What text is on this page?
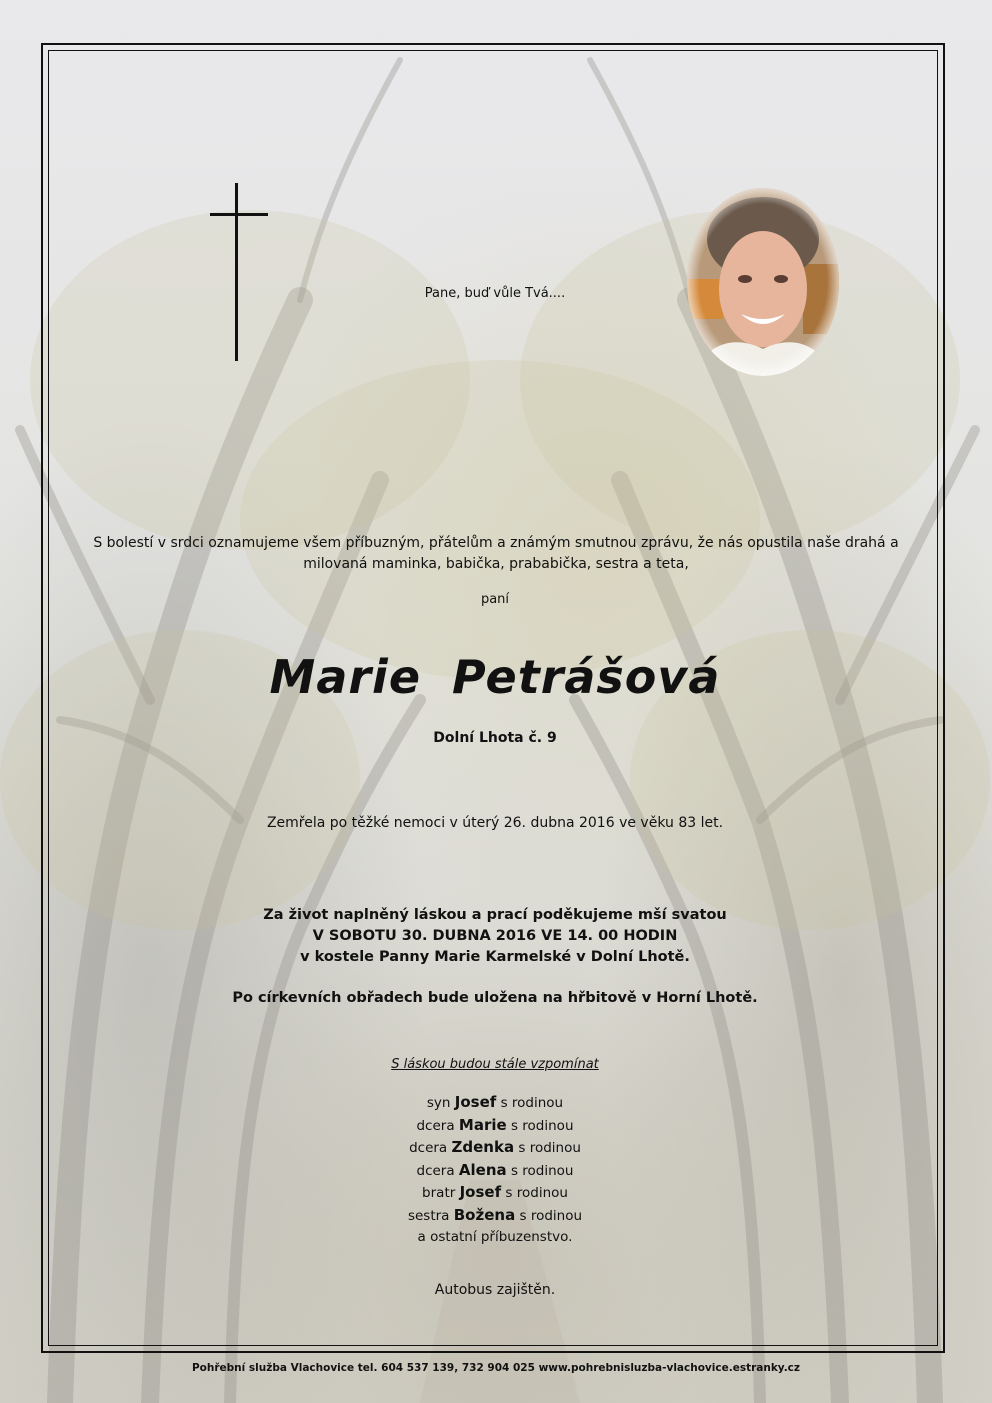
Pane, buď vůle Tvá....
S bolestí v srdci oznamujeme všem příbuzným, přátelům a známým smutnou zprávu, že nás opustila naše drahá a milovaná maminka, babička, prababička, sestra a teta,
paní
Marie Petrášová
Dolní Lhota č. 9
Zemřela po těžké nemoci v úterý 26. dubna 2016 ve věku 83 let.
Za život naplněný láskou a prací poděkujeme mší svatou
V SOBOTU 30. DUBNA 2016 VE 14. 00 HODIN
v kostele Panny Marie Karmelské v Dolní Lhotě.
Po církevních obřadech bude uložena na hřbitově v Horní Lhotě.
S láskou budou stále vzpomínat
syn Josef s rodinou
dcera Marie s rodinou
dcera Zdenka s rodinou
dcera Alena s rodinou
bratr Josef s rodinou
sestra Božena s rodinou
a ostatní příbuzenstvo.
Autobus zajištěn.
Pohřební služba Vlachovice tel. 604 537 139, 732 904 025 www.pohrebnisluzba-vlachovice.estranky.cz
